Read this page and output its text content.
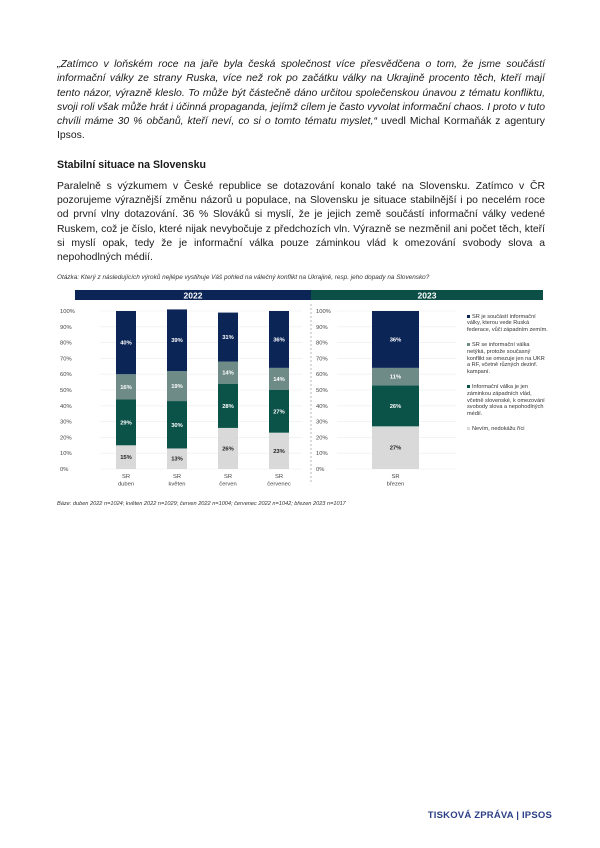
„Zatímco v loňském roce na jaře byla česká společnost více přesvědčena o tom, že jsme součástí informační války ze strany Ruska, více než rok po začátku války na Ukrajině procento těch, kteří mají tento názor, výrazně kleslo. To může být částečně dáno určitou společenskou únavou z tématu konfliktu, svoji roli však může hrát i účinná propaganda, jejímž cílem je často vyvolat informační chaos. I proto v tuto chvíli máme 30 % občanů, kteří neví, co si o tomto tématu myslet,“ uvedl Michal Kormaňák z agentury Ipsos.

Stabilní situace na Slovensku

Paralelně s výzkumem v České republice se dotazování konalo také na Slovensku. Zatímco v ČR pozorujeme výraznější změnu názorů u populace, na Slovensku je situace stabilnější i po necelém roce od první vlny dotazování. 36 % Slováků si myslí, že je jejich země součástí informační války vedené Ruskem, což je číslo, které nijak nevybočuje z předchozích vln. Výrazně se nezměnil ani počet těch, kteří si myslí opak, tedy že je informační válka pouze záminkou vlád k omezování svobody slova a nepohodlných médií.

Otázka: Který z následujících výroků nejlépe vystihuje Váš pohled na válečný konflikt na Ukrajině, resp. jeho dopady na Slovensko?
2022	2023
0%
10%
20%
30%
40%
50%
60%
70%
80%
90%
100%
0%
10%
20%
30%
40%
50%
60%
70%
80%
90%
100%
15%
29%
16%
40%
SR
duben
13%
30%
19%
39%
SR
květen
26%
28%
14%
31%
SR
červen
23%
27%
14%
36%
SR
červenec
27%
26%
11%
36%
SR
březen
SR je součástí informační války, kterou vede Ruská federace, vůči západním zemím.
SR se informační válka netýká, protože současný konflikt se omezuje jen na UKR a RF, včetně různých dezinf. kampaní.
Informační válka je jen záminkou západních vlád, včetně slovenské, k omezování svobody slova a nepohodlných médií.
Nevím, nedokážu říci
Báze: duben 2022 n=1024; květen 2022 n=1029; červen 2022 n=1004; červenec 2022 n=1042; březen 2023 n=1017
TISKOVÁ ZPRÁVA | IPSOS
